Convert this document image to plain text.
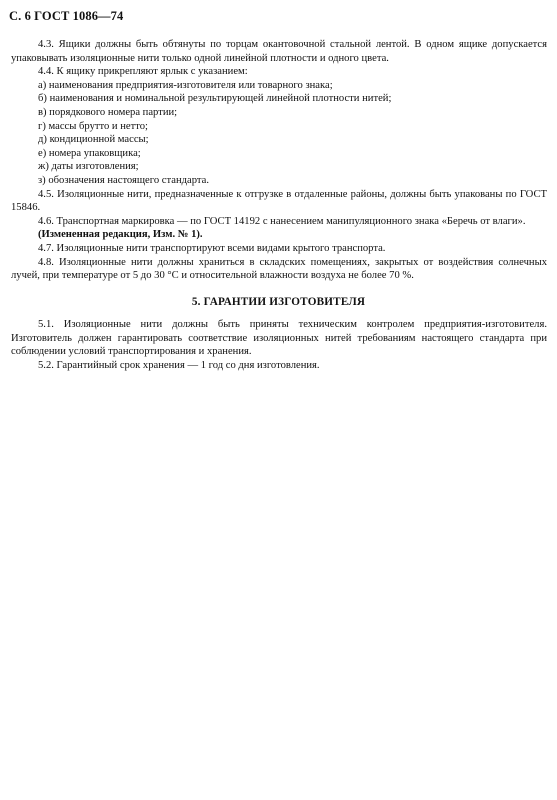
С. 6 ГОСТ 1086—74

4.3. Ящики должны быть обтянуты по торцам окантовочной стальной лентой. В одном ящике допускается упаковывать изоляционные нити только одной линейной плотности и одного цвета.

4.4. К ящику прикрепляют ярлык с указанием:

а) наименования предприятия-изготовителя или товарного знака;

б) наименования и номинальной результирующей линейной плотности нитей;

в) порядкового номера партии;

г) массы брутто и нетто;

д) кондиционной массы;

е) номера упаковщика;

ж) даты изготовления;

з) обозначения настоящего стандарта.

4.5. Изоляционные нити, предназначенные к отгрузке в отдаленные районы, должны быть упакованы по ГОСТ 15846.

4.6. Транспортная маркировка — по ГОСТ 14192 с нанесением манипуляционного знака «Беречь от влаги».

(Измененная редакция, Изм. № 1).

4.7. Изоляционные нити транспортируют всеми видами крытого транспорта.

4.8. Изоляционные нити должны храниться в складских помещениях, закрытых от воздействия солнечных лучей, при температуре от 5 до 30 °С и относительной влажности воздуха не более 70 %.

5. ГАРАНТИИ ИЗГОТОВИТЕЛЯ

5.1. Изоляционные нити должны быть приняты техническим контролем предприятия-изготовителя. Изготовитель должен гарантировать соответствие изоляционных нитей требованиям настоящего стандарта при соблюдении условий транспортирования и хранения.

5.2. Гарантийный срок хранения — 1 год со дня изготовления.
